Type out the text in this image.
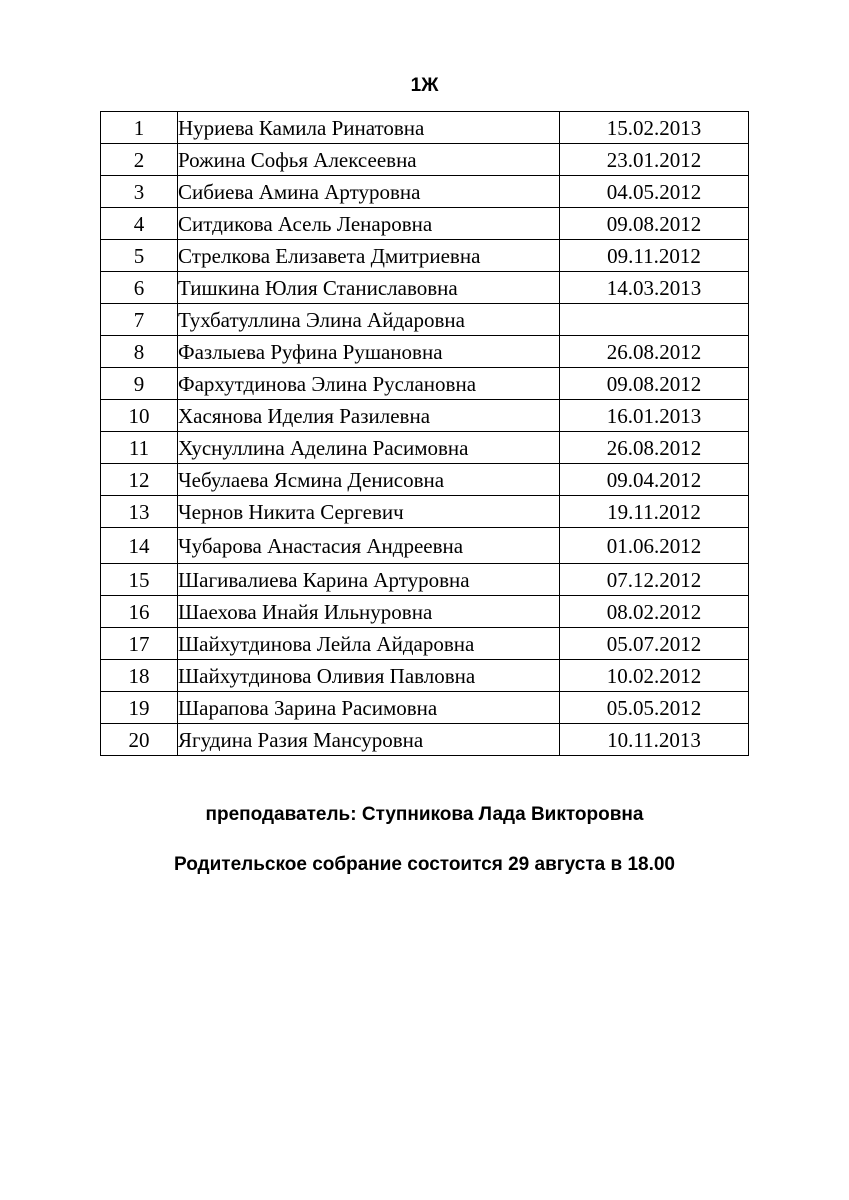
1Ж
1	Нуриева Камила Ринатовна	15.02.2013
2	Рожина Софья Алексеевна	23.01.2012
3	Сибиева Амина Артуровна	04.05.2012
4	Ситдикова Асель Ленаровна	09.08.2012
5	Стрелкова Елизавета Дмитриевна	09.11.2012
6	Тишкина Юлия Станиславовна	14.03.2013
7	Тухбатуллина Элина Айдаровна	
8	Фазлыева Руфина Рушановна	26.08.2012
9	Фархутдинова Элина Руслановна	09.08.2012
10	Хасянова Иделия Разилевна	16.01.2013
11	Хуснуллина Аделина Расимовна	26.08.2012
12	Чебулаева Ясмина Денисовна	09.04.2012
13	Чернов Никита Сергевич	19.11.2012
14	Чубарова Анастасия Андреевна	01.06.2012
15	Шагивалиева Карина Артуровна	07.12.2012
16	Шаехова Инайя Ильнуровна	08.02.2012
17	Шайхутдинова Лейла Айдаровна	05.07.2012
18	Шайхутдинова Оливия Павловна	10.02.2012
19	Шарапова Зарина Расимовна	05.05.2012
20	Ягудина Разия Мансуровна	10.11.2013
преподаватель: Ступникова Лада Викторовна
Родительское собрание состоится 29 августа в 18.00
